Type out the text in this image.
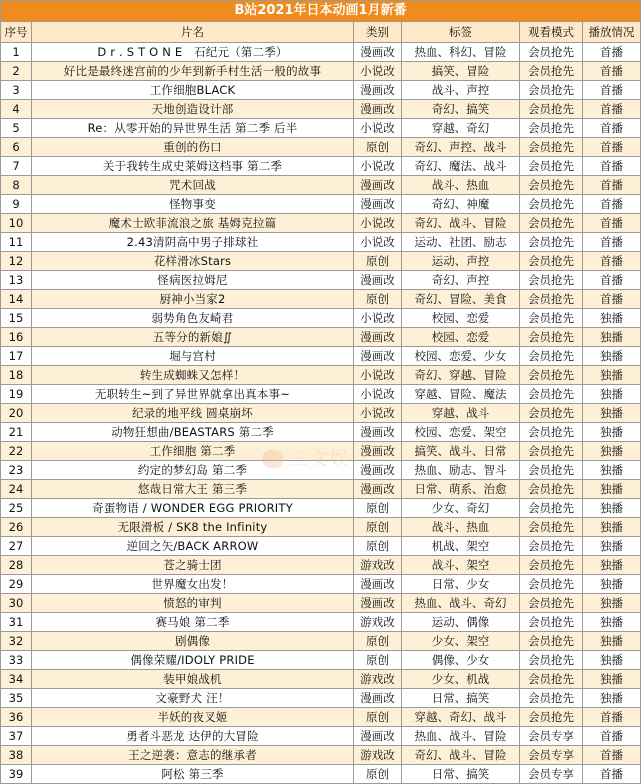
B站2021年日本动画1月新番					
序号	片名	类别	标签	观看模式	播放情况
1	D r . S T O N E　石纪元（第二季）	漫画改	热血、科幻、冒险	会员抢先	首播
2	好比是最终迷宫前的少年到新手村生活一般的故事	小说改	搞笑、冒险	会员抢先	首播
3	工作细胞BLACK	漫画改	战斗、声控	会员抢先	首播
4	天地创造设计部	漫画改	奇幻、搞笑	会员抢先	首播
5	Re：从零开始的异世界生活 第二季 后半	小说改	穿越、奇幻	会员抢先	首播
6	重创的伤口	原创	奇幻、声控、战斗	会员抢先	首播
7	关于我转生成史莱姆这档事 第二季	小说改	奇幻、魔法、战斗	会员抢先	首播
8	咒术回战	漫画改	战斗、热血	会员抢先	首播
9	怪物事变	漫画改	奇幻、神魔	会员抢先	首播
10	魔术士欧菲流浪之旅 基姆克拉篇	小说改	奇幻、战斗、冒险	会员抢先	首播
11	2.43清阴高中男子排球社	小说改	运动、社团、励志	会员抢先	首播
12	花样滑冰Stars	原创	运动、声控	会员抢先	首播
13	怪病医拉姆尼	漫画改	奇幻、声控	会员抢先	首播
14	厨神小当家2	原创	奇幻、冒险、美食	会员抢先	首播
15	弱势角色友崎君	小说改	校园、恋爱	会员抢先	独播
16	五等分的新娘∬	漫画改	校园、恋爱	会员抢先	独播
17	堀与宫村	漫画改	校园、恋爱、少女	会员抢先	独播
18	转生成蜘蛛又怎样！	小说改	奇幻、穿越、冒险	会员抢先	独播
19	无职转生~到了异世界就拿出真本事~	小说改	穿越、冒险、魔法	会员抢先	独播
20	纪录的地平线 圆桌崩坏	小说改	穿越、战斗	会员抢先	独播
21	动物狂想曲/BEASTARS 第二季	漫画改	校园、恋爱、架空	会员抢先	独播
22	工作细胞 第二季	漫画改	搞笑、战斗、日常	会员抢先	独播
23	约定的梦幻岛 第二季	漫画改	热血、励志、智斗	会员抢先	独播
24	悠哉日常大王 第三季	漫画改	日常、萌系、治愈	会员抢先	独播
25	奇蛋物语 / WONDER EGG PRIORITY	原创	少女、奇幻	会员抢先	独播
26	无限滑板 / SK8 the Infinity	原创	战斗、热血	会员抢先	独播
27	逆回之矢/BACK ARROW	原创	机战、架空	会员抢先	独播
28	苍之骑士团	游戏改	战斗、架空	会员抢先	独播
29	世界魔女出发！	漫画改	日常、少女	会员抢先	独播
30	愤怒的审判	漫画改	热血、战斗、奇幻	会员抢先	独播
31	赛马娘 第二季	游戏改	运动、偶像	会员抢先	独播
32	剧偶像	原创	少女、架空	会员抢先	独播
33	偶像荣耀/IDOLY PRIDE	原创	偶像、少女	会员抢先	独播
34	装甲娘战机	游戏改	少女、机战	会员抢先	独播
35	文豪野犬 汪！	漫画改	日常、搞笑	会员抢先	独播
36	半妖的夜叉姬	原创	穿越、奇幻、战斗	会员抢先	首播
37	勇者斗恶龙 达伊的大冒险	漫画改	热血、战斗、冒险	会员专享	首播
38	王之逆袭：意志的继承者	游戏改	奇幻、战斗、冒险	会员专享	首播
39	阿松 第三季	原创	日常、搞笑	会员专享	首播
三文娱
